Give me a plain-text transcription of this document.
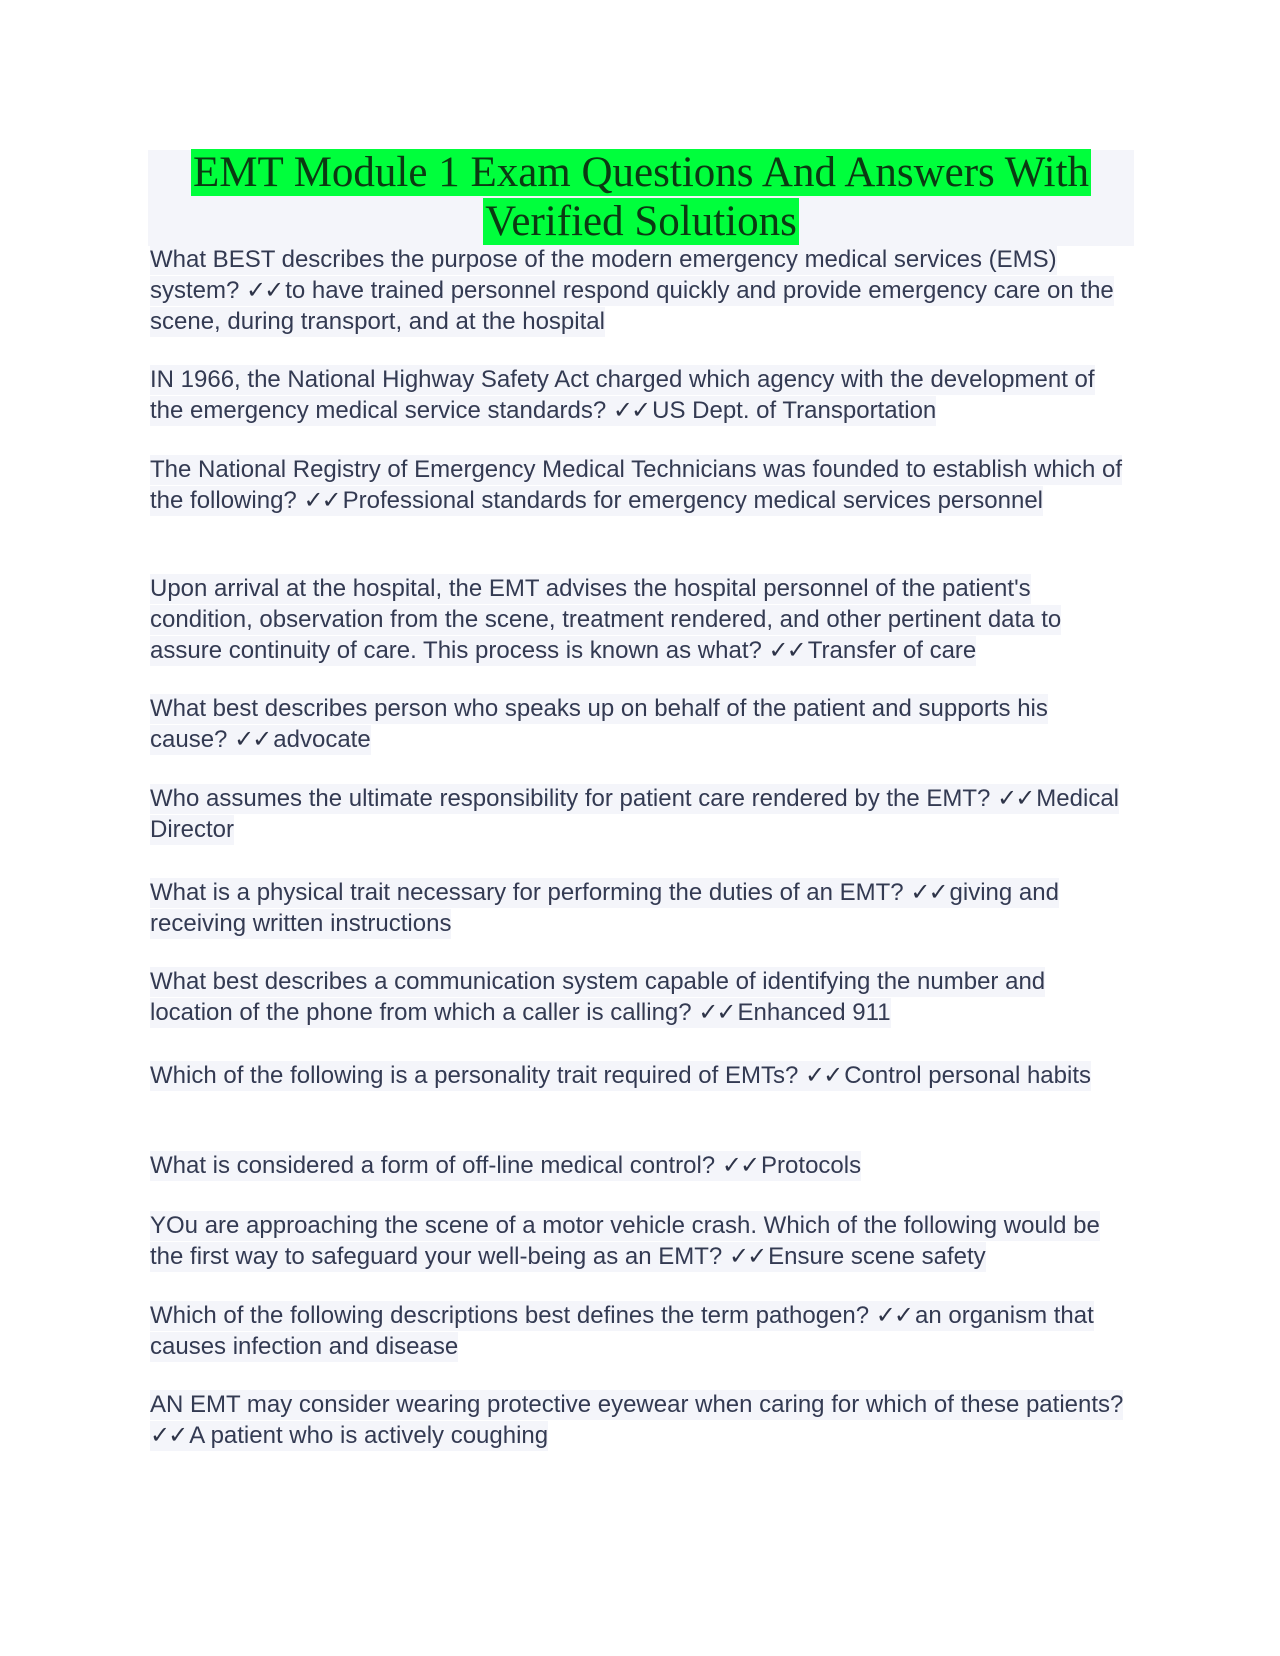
EMT Module 1 Exam Questions And Answers With
Verified Solutions

What BEST describes the purpose of the modern emergency medical services (EMS) system? ✓✓ to have trained personnel respond quickly and provide emergency care on the scene, during transport, and at the hospital

IN 1966, the National Highway Safety Act charged which agency with the development of the emergency medical service standards? ✓✓ US Dept. of Transportation

The National Registry of Emergency Medical Technicians was founded to establish which of the following? ✓✓ Professional standards for emergency medical services personnel

Upon arrival at the hospital, the EMT advises the hospital personnel of the patient's condition, observation from the scene, treatment rendered, and other pertinent data to assure continuity of care. This process is known as what? ✓✓ Transfer of care

What best describes person who speaks up on behalf of the patient and supports his cause? ✓✓ advocate

Who assumes the ultimate responsibility for patient care rendered by the EMT? ✓✓ Medical Director

What is a physical trait necessary for performing the duties of an EMT? ✓✓ giving and receiving written instructions

What best describes a communication system capable of identifying the number and location of the phone from which a caller is calling? ✓✓ Enhanced 911

Which of the following is a personality trait required of EMTs? ✓✓ Control personal habits

What is considered a form of off-line medical control? ✓✓ Protocols

YOu are approaching the scene of a motor vehicle crash. Which of the following would be the first way to safeguard your well-being as an EMT? ✓✓ Ensure scene safety

Which of the following descriptions best defines the term pathogen? ✓✓ an organism that causes infection and disease

AN EMT may consider wearing protective eyewear when caring for which of these patients? ✓✓ A patient who is actively coughing
